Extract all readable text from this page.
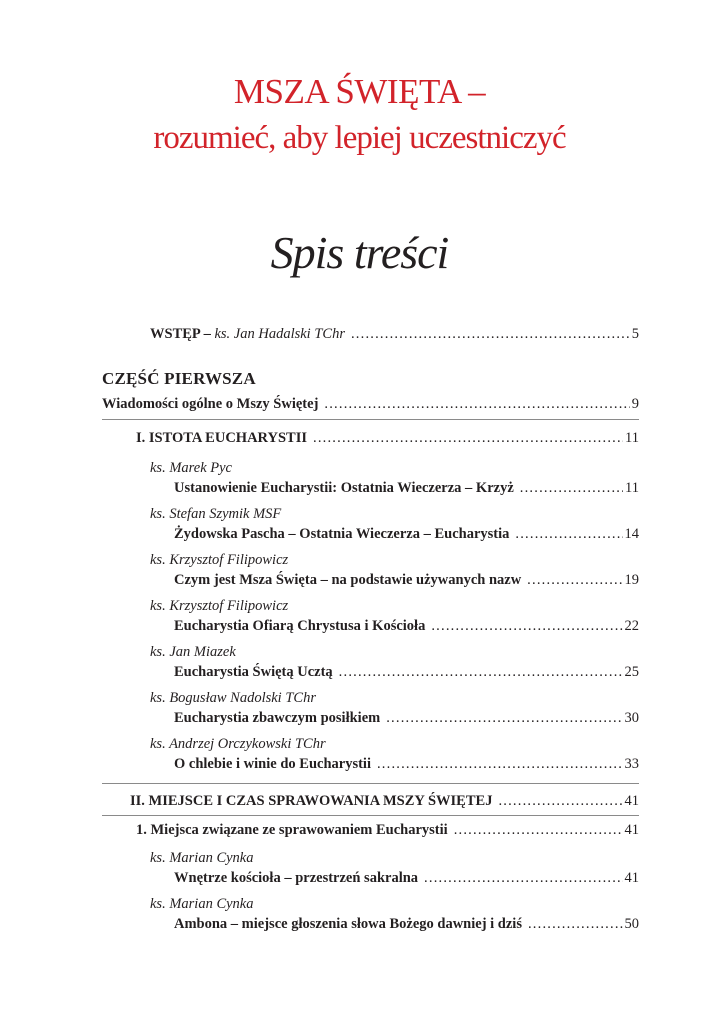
MSZA ŚWIĘTA –
rozumieć, aby lepiej uczestniczyć
Spis treści
WSTĘP – ks. Jan Hadalski TChr .....	5
CZĘŚĆ PIERWSZA
Wiadomości ogólne o Mszy Świętej .....	9
I. ISTOTA EUCHARYSTII .....	11
ks. Marek Pyc
Ustanowienie Eucharystii: Ostatnia Wieczerza – Krzyż .....	11
ks. Stefan Szymik MSF
Żydowska Pascha – Ostatnia Wieczerza – Eucharystia .....	14
ks. Krzysztof Filipowicz
Czym jest Msza Święta – na podstawie używanych nazw .....	19
ks. Krzysztof Filipowicz
Eucharystia Ofiarą Chrystusa i Kościoła .....	22
ks. Jan Miazek
Eucharystia Świętą Ucztą .....	25
ks. Bogusław Nadolski TChr
Eucharystia zbawczym posiłkiem .....	30
ks. Andrzej Orczykowski TChr
O chlebie i winie do Eucharystii .....	33
II. MIEJSCE I CZAS SPRAWOWANIA MSZY ŚWIĘTEJ .....	41
1. Miejsca związane ze sprawowaniem Eucharystii .....	41
ks. Marian Cynka
Wnętrze kościoła – przestrzeń sakralna .....	41
ks. Marian Cynka
Ambona – miejsce głoszenia słowa Bożego dawniej i dziś .....	50
